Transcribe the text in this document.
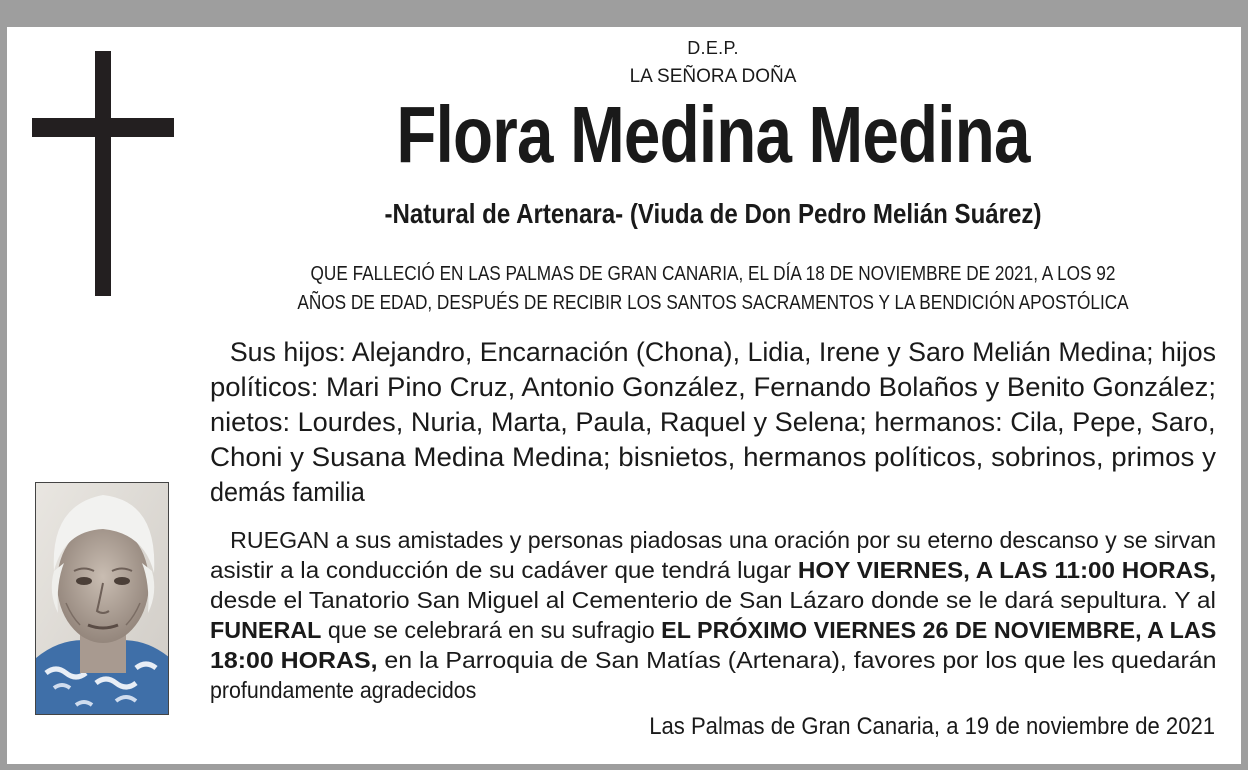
D.E.P.
LA SEÑORA DOÑA
Flora Medina Medina
-Natural de Artenara- (Viuda de Don Pedro Melián Suárez)
QUE FALLECIÓ EN LAS PALMAS DE GRAN CANARIA, EL DÍA 18 DE NOVIEMBRE DE 2021, A LOS 92
AÑOS DE EDAD, DESPUÉS DE RECIBIR LOS SANTOS SACRAMENTOS Y LA BENDICIÓN APOSTÓLICA
Sus hijos: Alejandro, Encarnación (Chona), Lidia, Irene y Saro Melián Medina; hijos
políticos: Mari Pino Cruz, Antonio González, Fernando Bolaños y Benito González;
nietos: Lourdes, Nuria, Marta, Paula, Raquel y Selena; hermanos: Cila, Pepe, Saro,
Choni y Susana Medina Medina; bisnietos, hermanos políticos, sobrinos, primos y
demás familia
RUEGAN a sus amistades y personas piadosas una oración por su eterno descanso y se sirvan
asistir a la conducción de su cadáver que tendrá lugar HOY VIERNES, A LAS 11:00 HORAS,
desde el Tanatorio San Miguel al Cementerio de San Lázaro donde se le dará sepultura. Y al
FUNERAL que se celebrará en su sufragio EL PRÓXIMO VIERNES 26 DE NOVIEMBRE, A LAS
18:00 HORAS, en la Parroquia de San Matías (Artenara), favores por los que les quedarán
profundamente agradecidos
Las Palmas de Gran Canaria, a 19 de noviembre de 2021
